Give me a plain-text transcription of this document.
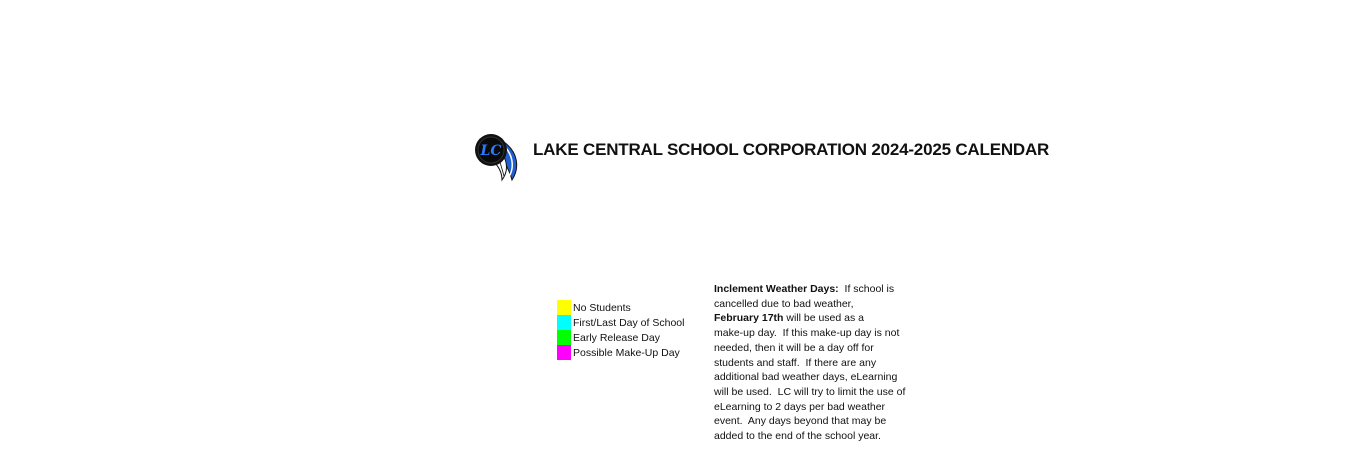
LC LAKE CENTRAL SCHOOL CORPORATION 2024-2025 CALENDAR
No Students
First/Last Day of School
Early Release Day
Possible Make-Up Day
Inclement Weather Days:  If school is
cancelled due to bad weather,
February 17th will be used as a
make-up day.  If this make-up day is not needed, then it will be a day off for students and staff.  If there are any additional bad weather days, eLearning will be used.  LC will try to limit the use of eLearning to 2 days per bad weather event.  Any days beyond that may be added to the end of the school year.
